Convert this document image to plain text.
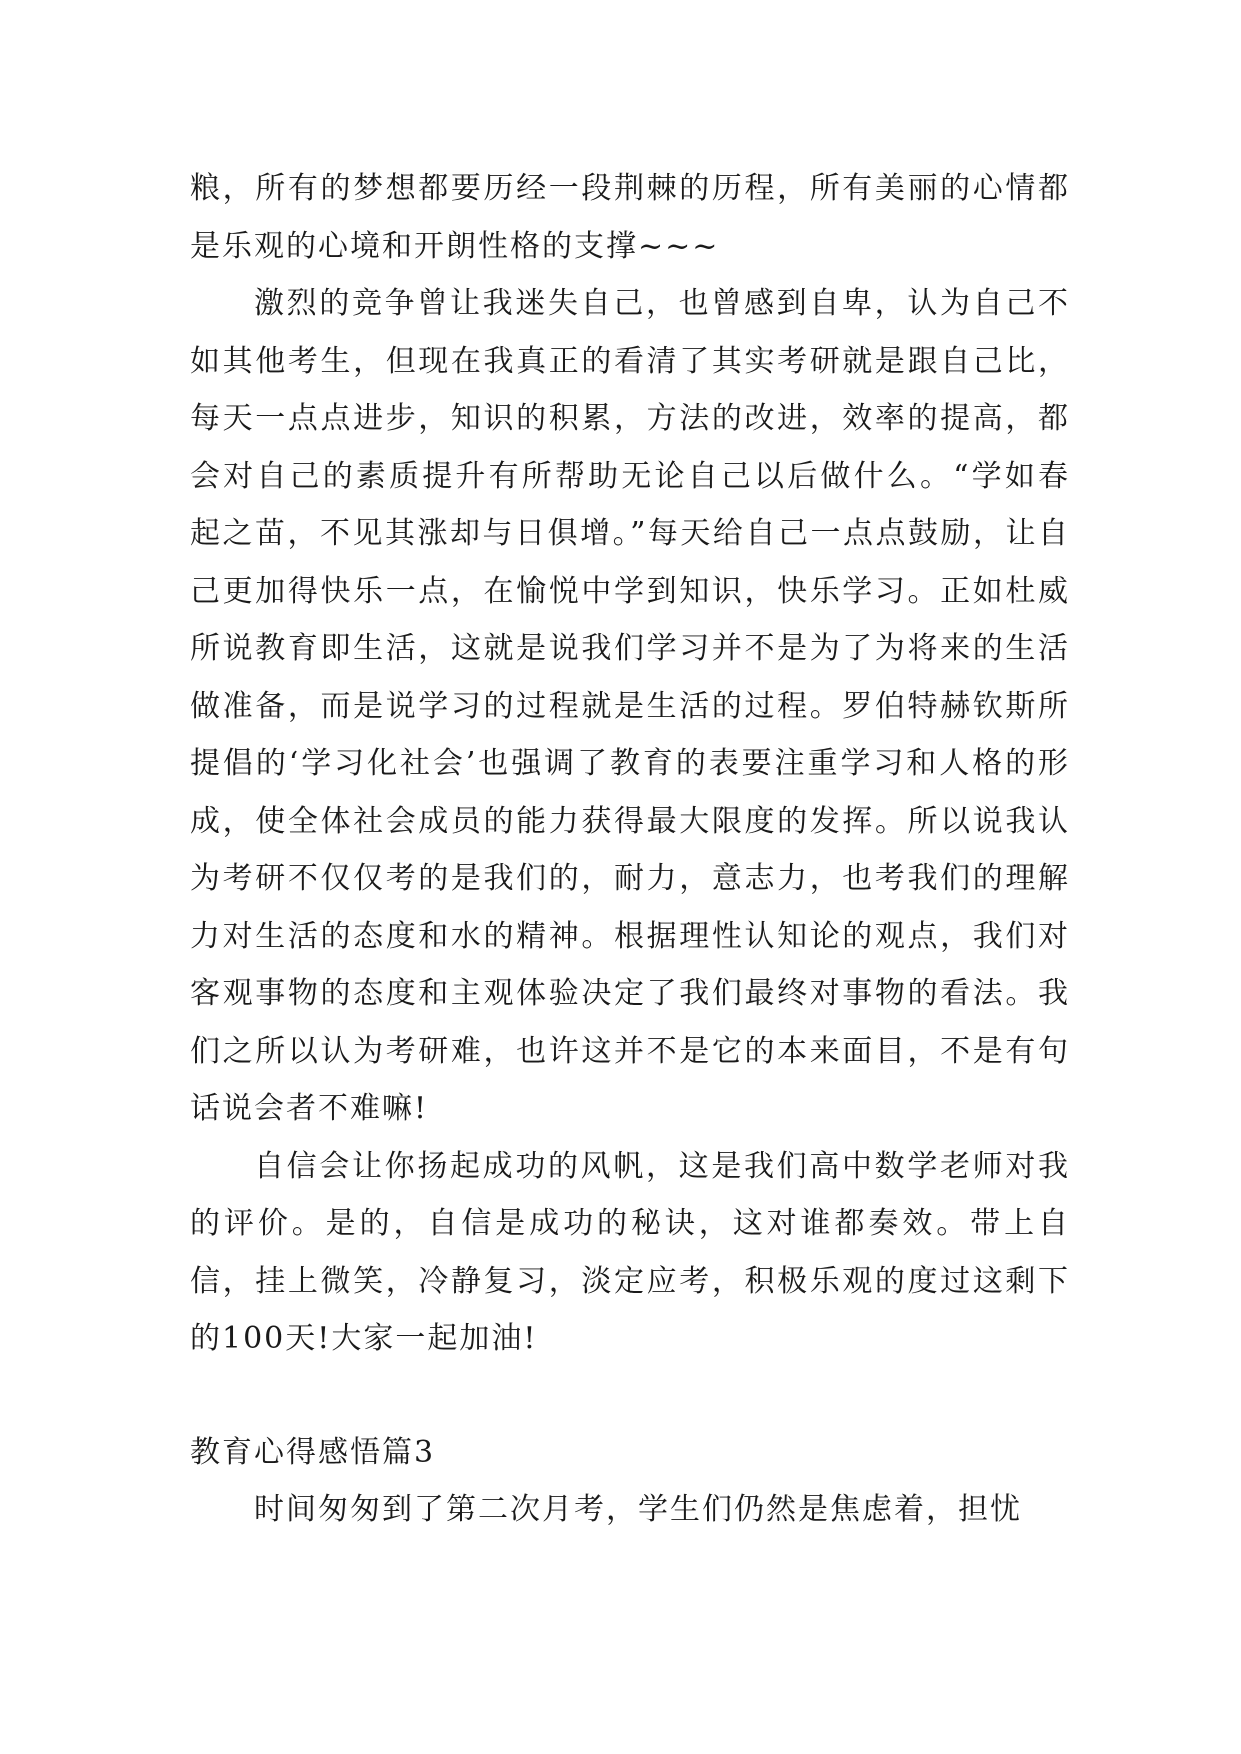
粮，所有的梦想都要历经一段荆棘的历程，所有美丽的心情都是乐观的心境和开朗性格的支撑~~~

激烈的竞争曾让我迷失自己，也曾感到自卑，认为自己不如其他考生，但现在我真正的看清了其实考研就是跟自己比，每天一点点进步，知识的积累，方法的改进，效率的提高，都会对自己的素质提升有所帮助无论自己以后做什么。“学如春起之苗，不见其涨却与日俱增。”每天给自己一点点鼓励，让自己更加得快乐一点，在愉悦中学到知识，快乐学习。正如杜威所说教育即生活，这就是说我们学习并不是为了为将来的生活做准备，而是说学习的过程就是生活的过程。罗伯特赫钦斯所提倡的‘学习化社会’也强调了教育的表要注重学习和人格的形成，使全体社会成员的能力获得最大限度的发挥。所以说我认为考研不仅仅考的是我们的，耐力，意志力，也考我们的理解力对生活的态度和水的精神。根据理性认知论的观点，我们对客观事物的态度和主观体验决定了我们最终对事物的看法。我们之所以认为考研难，也许这并不是它的本来面目，不是有句话说会者不难嘛!

自信会让你扬起成功的风帆，这是我们高中数学老师对我的评价。是的，自信是成功的秘诀，这对谁都奏效。带上自信，挂上微笑，冷静复习，淡定应考，积极乐观的度过这剩下的100天!大家一起加油!

教育心得感悟篇3

时间匆匆到了第二次月考，学生们仍然是焦虑着，担忧
